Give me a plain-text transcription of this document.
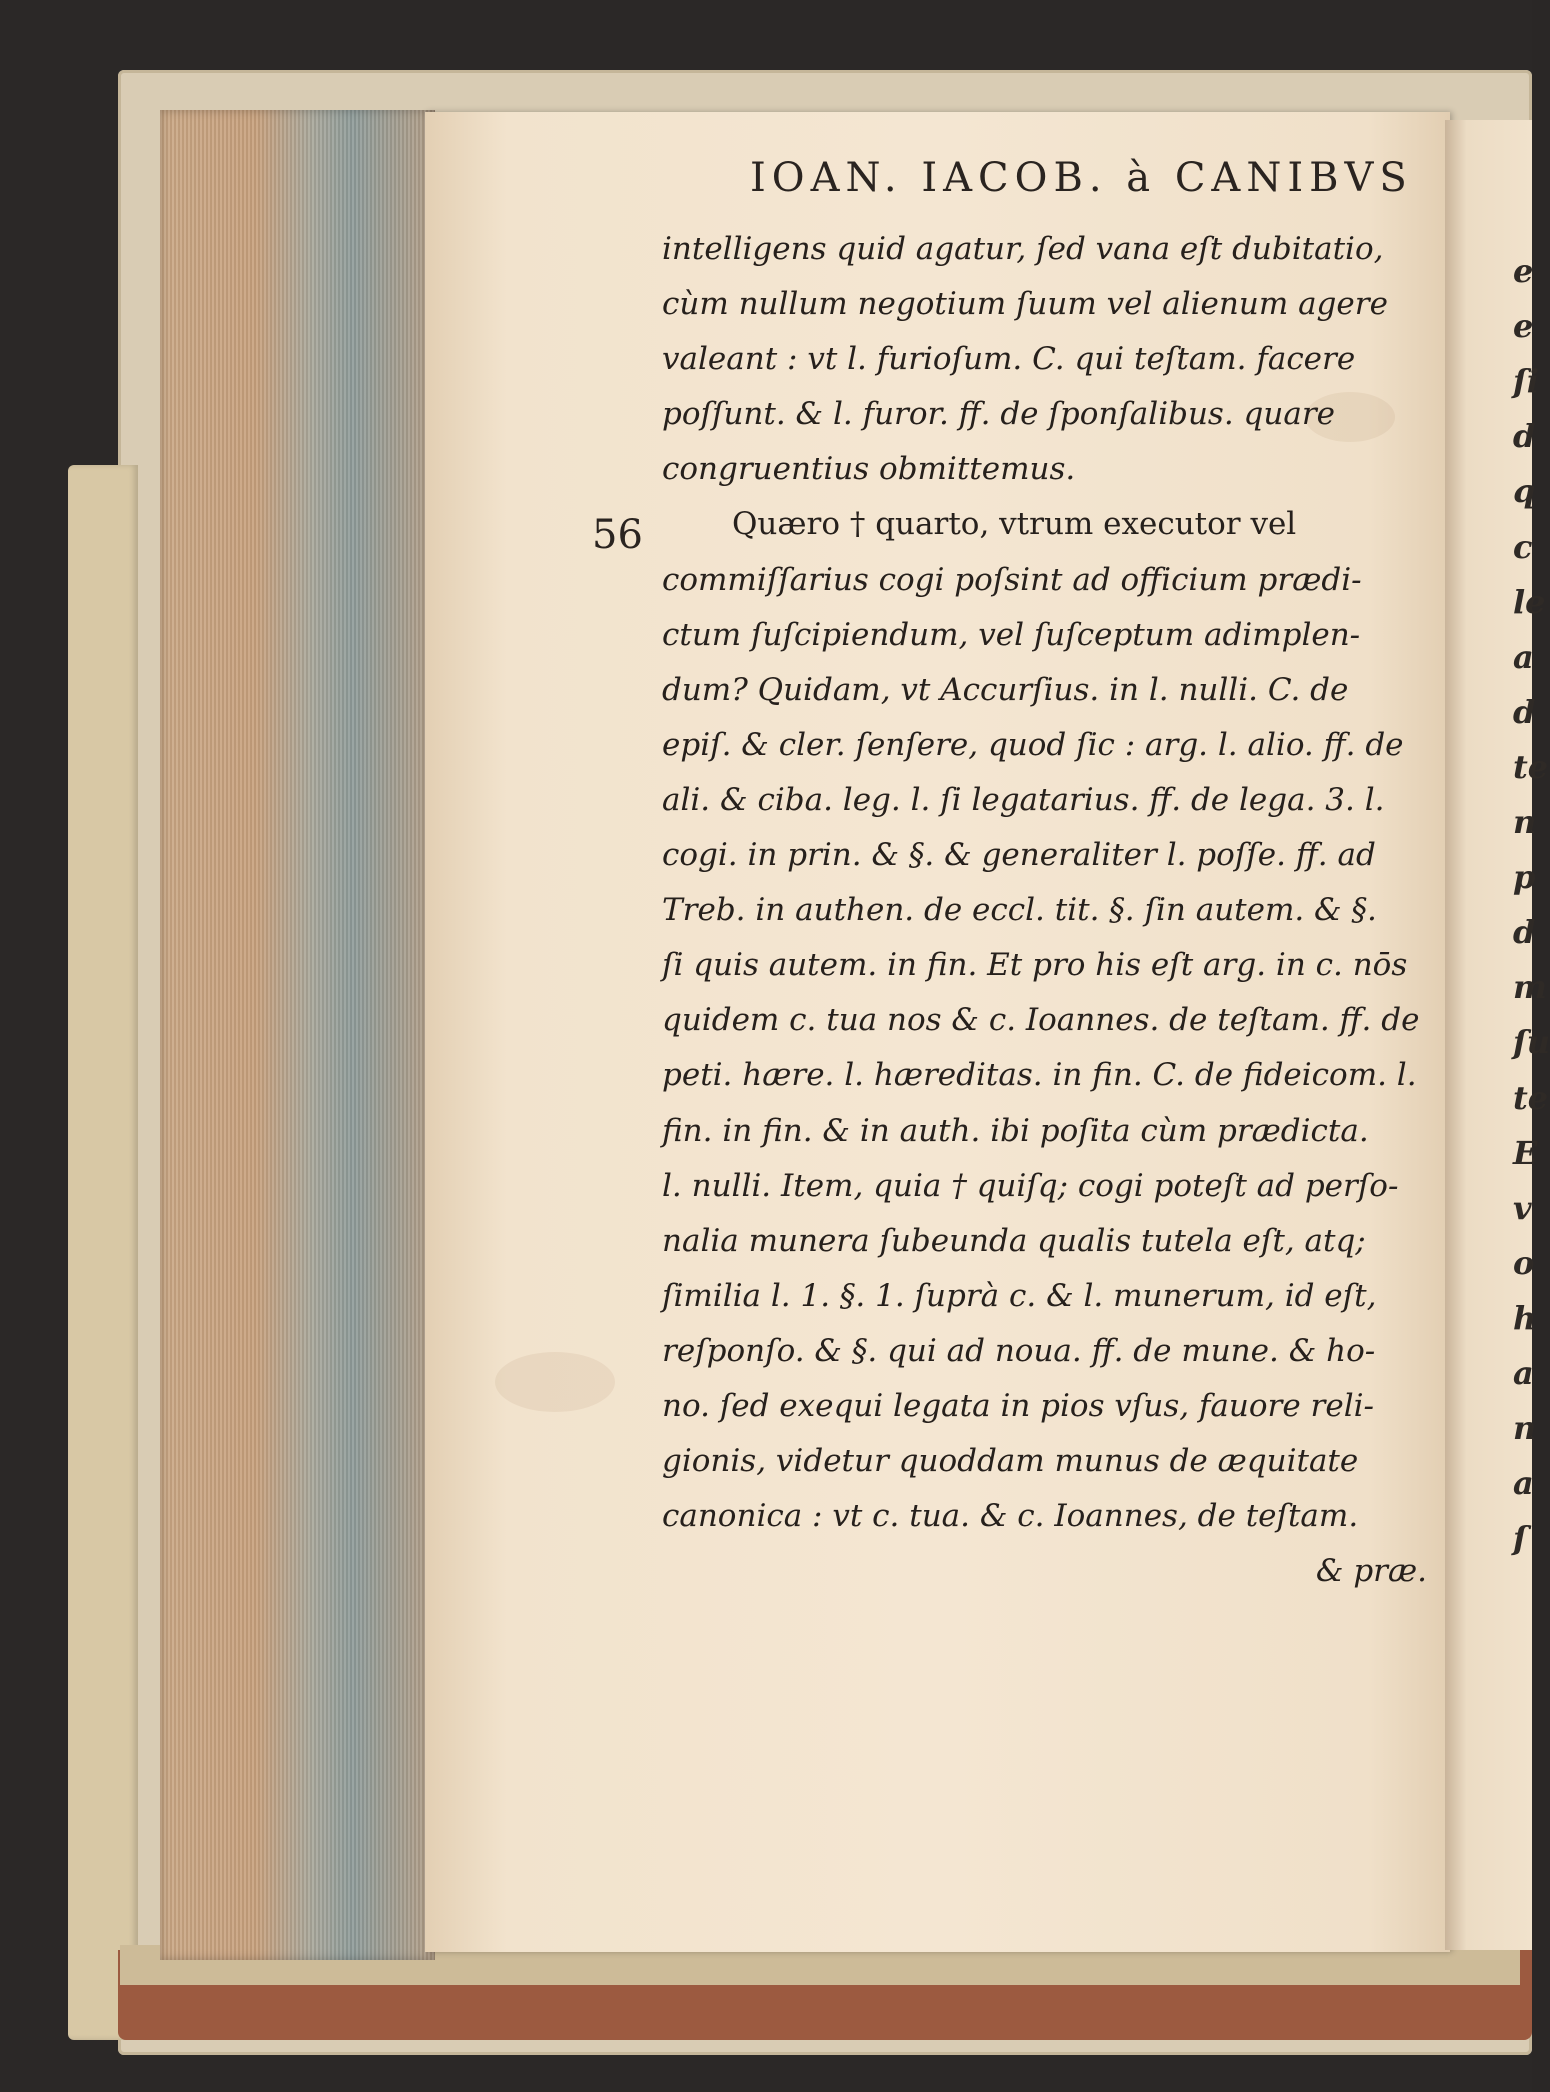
e
e
ſi
d
q
c
le
a
d
te
n
p
d
m
ſu
te
E
v
o
h
a
n
a
ſ
IOAN. IACOB. à CANIBVS
56
intelligens quid agatur, ſed vana eſt dubitatio,
cùm nullum negotium ſuum vel alienum agere
valeant : vt l. furioſum. C. qui teſtam. facere
poſſunt. & l. furor. ff. de ſponſalibus. quare
congruentius obmittemus.
Quæro † quarto, vtrum executor vel
commiſſarius cogi poſsint ad officium prædi-
ctum ſuſcipiendum, vel ſuſceptum adimplen-
dum? Quidam, vt Accurſius. in l. nulli. C. de
epiſ. & cler. ſenſere, quod ſic : arg. l. alio. ff. de
ali. & ciba. leg. l. ſi legatarius. ff. de lega. 3. l.
cogi. in prin. & §. & generaliter l. poſſe. ff. ad
Treb. in authen. de eccl. tit. §. ſin autem. & §.
ſi quis autem. in fin. Et pro his eſt arg. in c. nōs
quidem c. tua nos & c. Ioannes. de teſtam. ff. de
peti. hære. l. hæreditas. in fin. C. de fideicom. l.
fin. in fin. & in auth. ibi poſita cùm prædicta.
l. nulli. Item, quia † quiſq; cogi poteſt ad perſo-
nalia munera ſubeunda qualis tutela eſt, atq;
ſimilia l. 1. §. 1. ſuprà c. & l. munerum, id eſt,
reſponſo. & §. qui ad noua. ff. de mune. & ho-
no. ſed exequi legata in pios vſus, fauore reli-
gionis, videtur quoddam munus de æquitate
canonica : vt c. tua. & c. Ioannes, de teſtam.
& præ.
